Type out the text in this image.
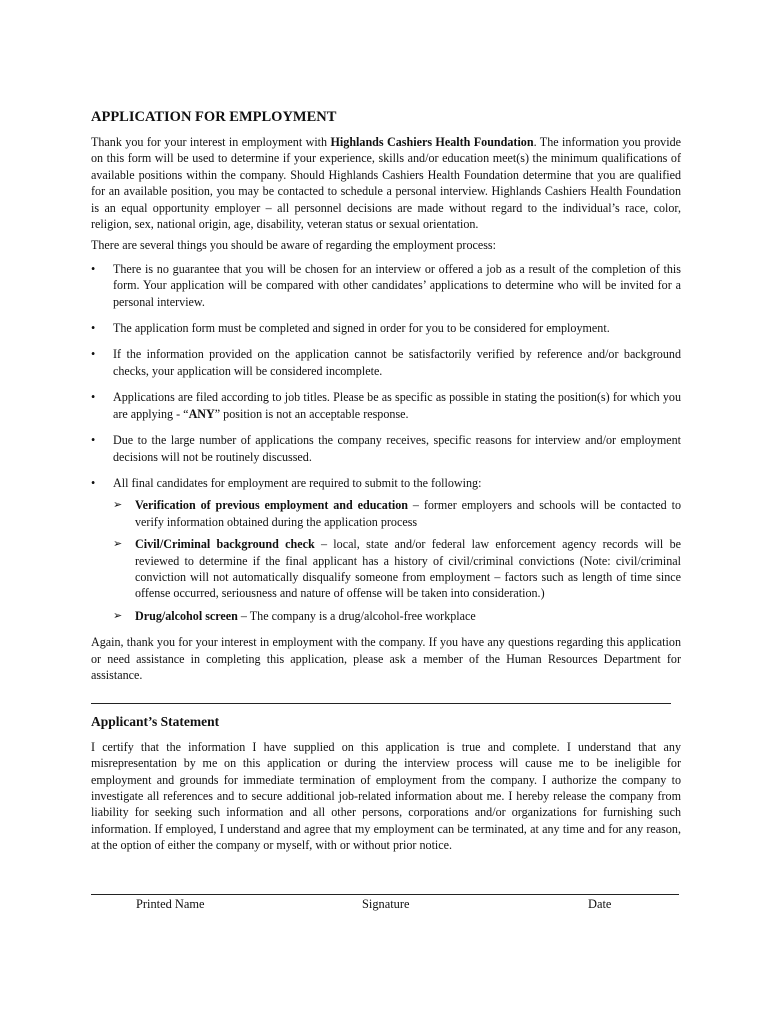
APPLICATION FOR EMPLOYMENT

Thank you for your interest in employment with Highlands Cashiers Health Foundation. The information you provide on this form will be used to determine if your experience, skills and/or education meet(s) the minimum qualifications of available positions within the company. Should Highlands Cashiers Health Foundation determine that you are qualified for an available position, you may be contacted to schedule a personal interview. Highlands Cashiers Health Foundation is an equal opportunity employer – all personnel decisions are made without regard to the individual’s race, color, religion, sex, national origin, age, disability, veteran status or sexual orientation.

There are several things you should be aware of regarding the employment process:

• There is no guarantee that you will be chosen for an interview or offered a job as a result of the completion of this form. Your application will be compared with other candidates’ applications to determine who will be invited for a personal interview.
• The application form must be completed and signed in order for you to be considered for employment.
• If the information provided on the application cannot be satisfactorily verified by reference and/or background checks, your application will be considered incomplete.
• Applications are filed according to job titles. Please be as specific as possible in stating the position(s) for which you are applying - “ANY” position is not an acceptable response.
• Due to the large number of applications the company receives, specific reasons for interview and/or employment decisions will not be routinely discussed.
• All final candidates for employment are required to submit to the following:
➢ Verification of previous employment and education – former employers and schools will be contacted to verify information obtained during the application process
➢ Civil/Criminal background check – local, state and/or federal law enforcement agency records will be reviewed to determine if the final applicant has a history of civil/criminal convictions (Note: civil/criminal conviction will not automatically disqualify someone from employment – factors such as length of time since offense occurred, seriousness and nature of offense will be taken into consideration.)
➢ Drug/alcohol screen – The company is a drug/alcohol-free workplace

Again, thank you for your interest in employment with the company. If you have any questions regarding this application or need assistance in completing this application, please ask a member of the Human Resources Department for assistance.

Applicant’s Statement

I certify that the information I have supplied on this application is true and complete. I understand that any misrepresentation by me on this application or during the interview process will cause me to be ineligible for employment and grounds for immediate termination of employment from the company. I authorize the company to investigate all references and to secure additional job-related information about me. I hereby release the company from liability for seeking such information and all other persons, corporations and/or organizations for furnishing such information. If employed, I understand and agree that my employment can be terminated, at any time and for any reason, at the option of either the company or myself, with or without prior notice.

Printed Name	Signature	Date
